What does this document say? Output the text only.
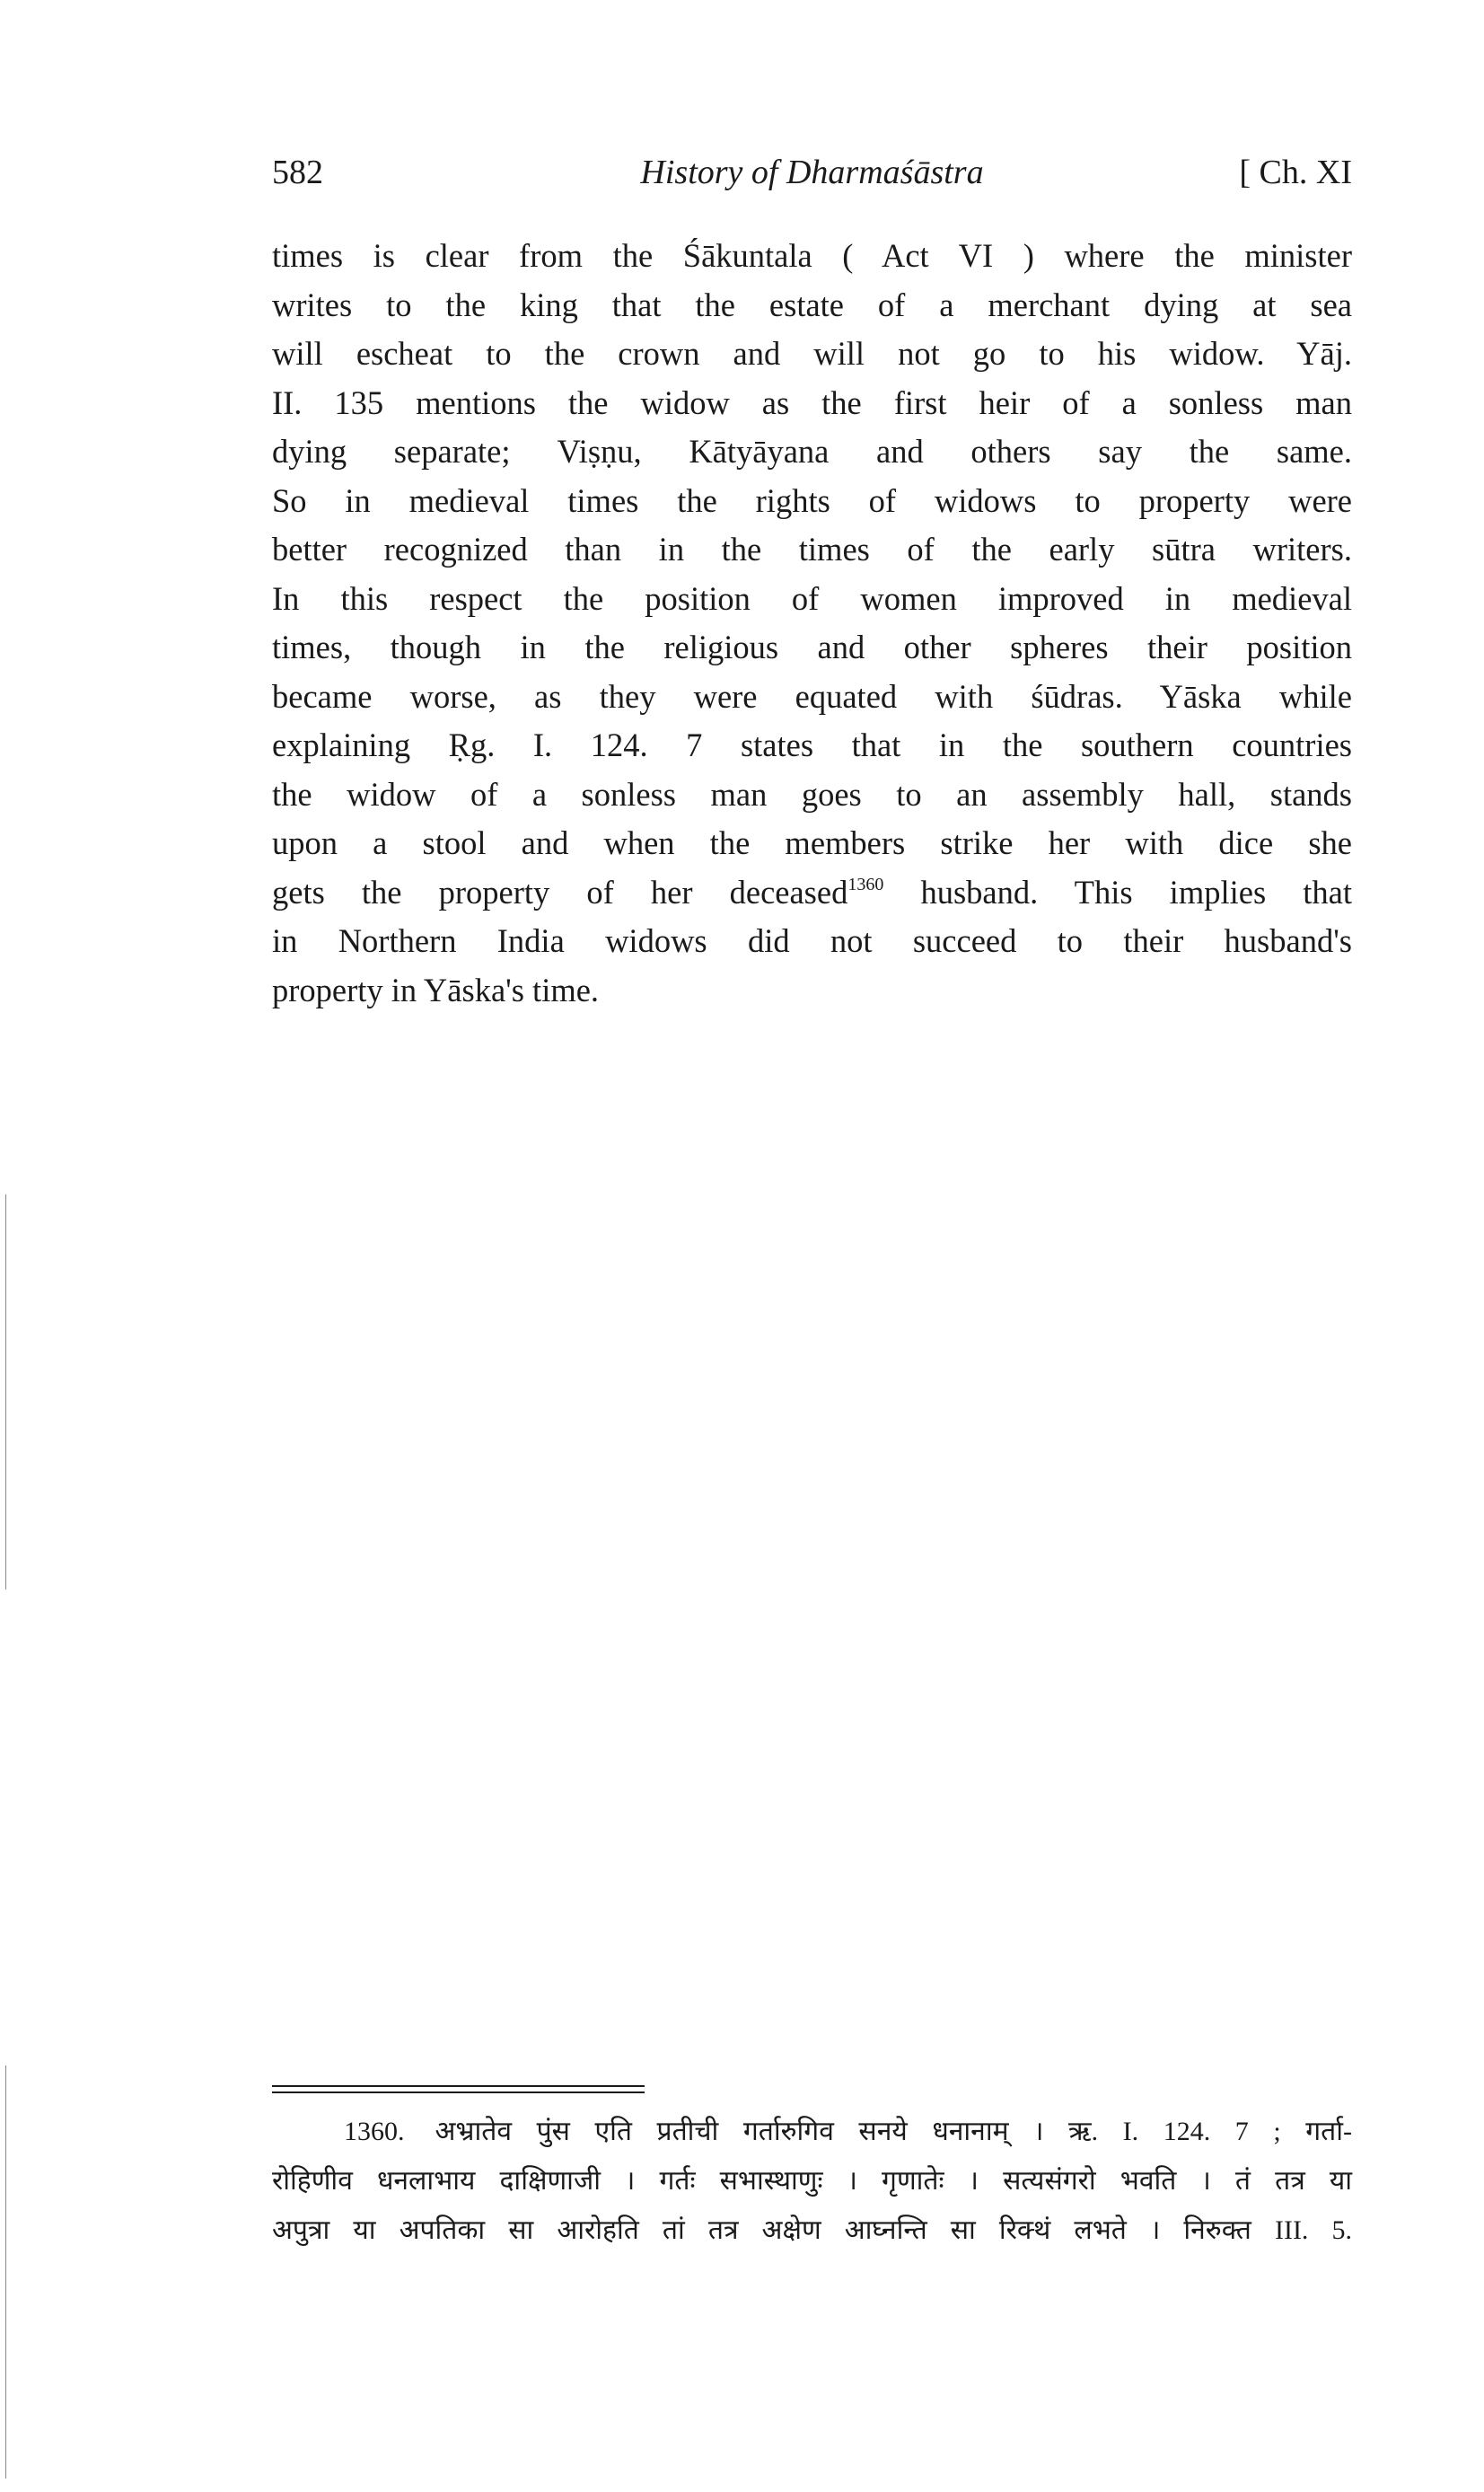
582	History of Dharmaśāstra	[ Ch. XI
times is clear from the Śākuntala ( Act VI ) where the minister
writes to the king that the estate of a merchant dying at sea
will escheat to the crown and will not go to his widow. Yāj.
II. 135 mentions the widow as the first heir of a sonless man
dying separate; Viṣṇu, Kātyāyana and others say the same.
So in medieval times the rights of widows to property were
better recognized than in the times of the early sūtra writers.
In this respect the position of women improved in medieval
times, though in the religious and other spheres their position
became worse, as they were equated with śūdras. Yāska while
explaining Ṛg. I. 124. 7 states that in the southern countries
the widow of a sonless man goes to an assembly hall, stands
upon a stool and when the members strike her with dice she
gets the property of her deceased$^{1360}$ husband. This implies that
in Northern India widows did not succeed to their husband's
property in Yāska's time.
1360. अभ्रातेव पुंस एति प्रतीची गर्तारुगिव सनये धनानाम् । ऋ. I. 124. 7 ; गर्ता-
रोहिणीव धनलाभाय दाक्षिणाजी । गर्तः सभास्थाणुः । गृणातेः । सत्यसंगरो भवति । तं तत्र या
अपुत्रा या अपतिका सा आरोहति तां तत्र अक्षेण आघ्नन्ति सा रिक्थं लभते । निरुक्त III. 5.
